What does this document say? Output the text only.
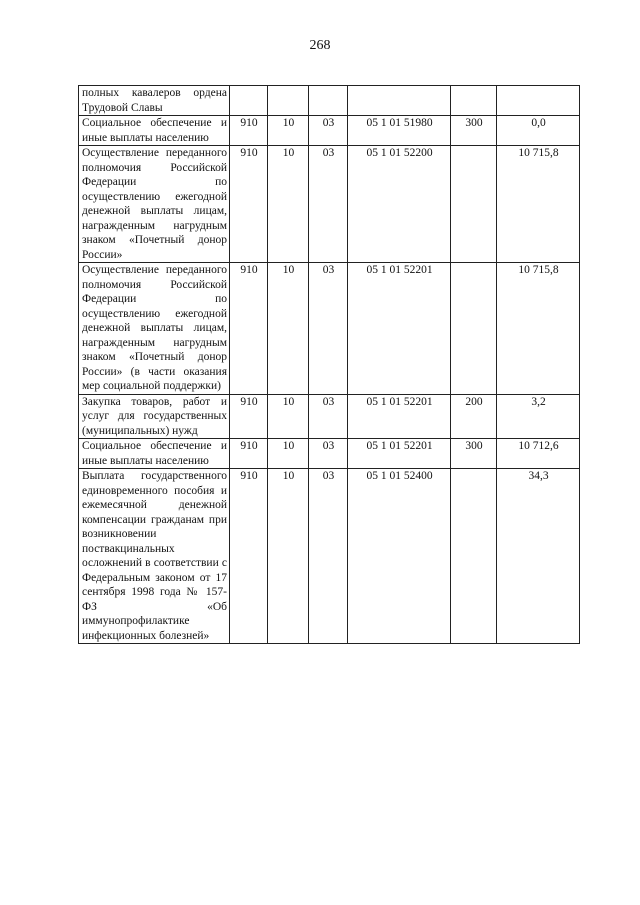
268
полных кавалеров ордена Трудовой Славы						
Социальное обеспечение и иные выплаты населению	910	10	03	05 1 01 51980	300	0,0
Осуществление переданного полномочия Российской Федерации по осуществлению ежегодной денежной выплаты лицам, награжденным нагрудным знаком «Почетный донор России»	910	10	03	05 1 01 52200		10 715,8
Осуществление переданного полномочия Российской Федерации по осуществлению ежегодной денежной выплаты лицам, награжденным нагрудным знаком «Почетный донор России» (в части оказания мер социальной поддержки)	910	10	03	05 1 01 52201		10 715,8
Закупка товаров, работ и услуг для государственных (муниципальных) нужд	910	10	03	05 1 01 52201	200	3,2
Социальное обеспечение и иные выплаты населению	910	10	03	05 1 01 52201	300	10 712,6
Выплата государственного единовременного пособия и ежемесячной денежной компенсации гражданам при возникновении поствакцинальных осложнений в соответствии с Федеральным законом от 17 сентября 1998 года № 157-ФЗ «Об иммунопрофилактике инфекционных болезней»	910	10	03	05 1 01 52400		34,3
